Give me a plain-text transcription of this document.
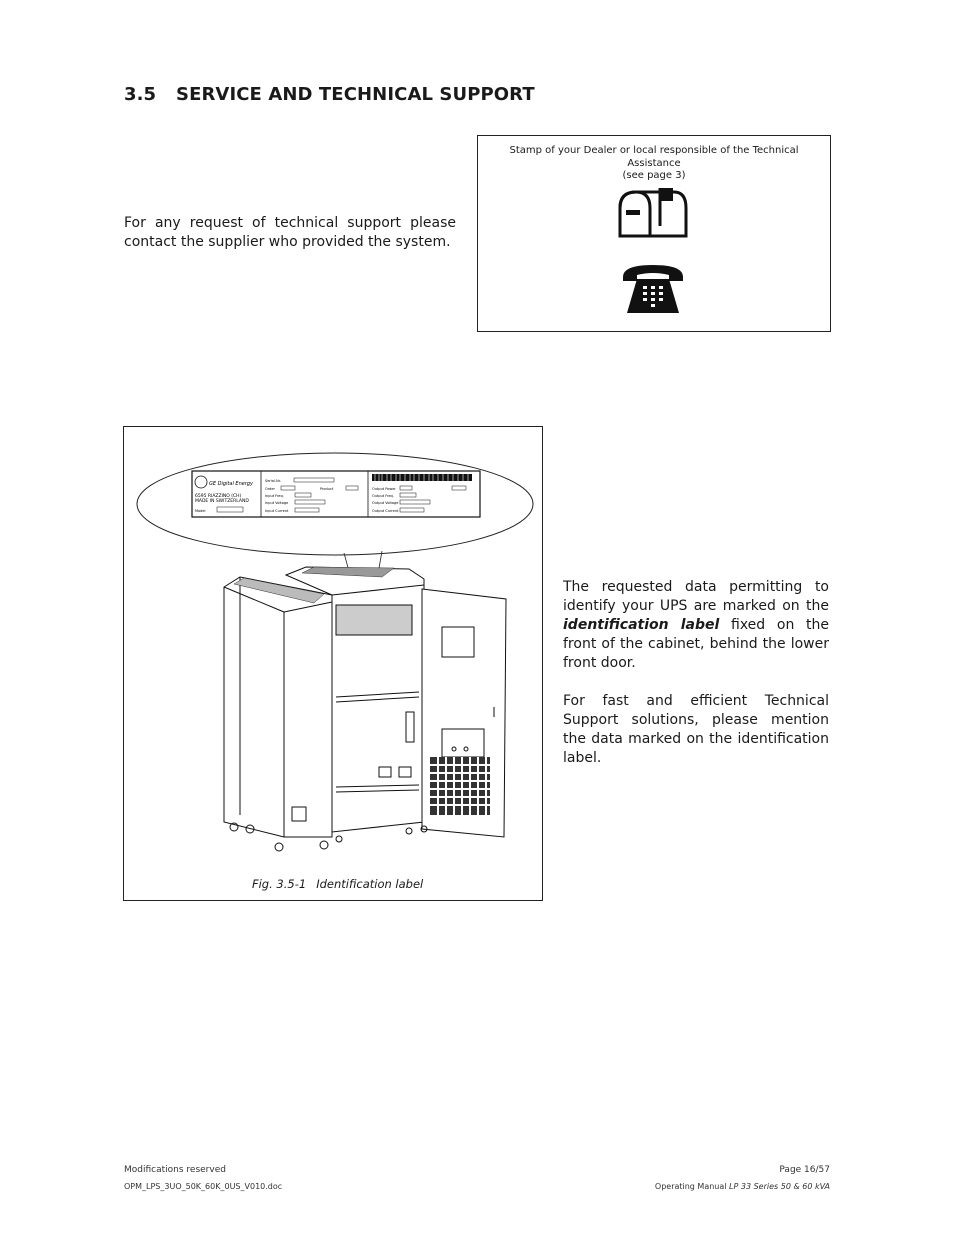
3.5 SERVICE AND TECHNICAL SUPPORT
For any request of technical support please contact the supplier who provided the system.
Stamp of your Dealer or local responsible of the Technical Assistance
(see page 3)
GE Digital Energy
6595 RIAZZINO (CH)
MADE IN SWITZERLAND
Model
Serial-Nr.
Order	Product
Input Freq.
Input Voltage
Input Current
Output Power
Output Freq.
Output Voltage
Output Current
Fig. 3.5-1 Identification label

The requested data permitting to identify your UPS are marked on the identification label fixed on the front of the cabinet, behind the lower front door.

For fast and efficient Technical Support solutions, please mention the data marked on the identification label.

Modifications reserved
OPM_LPS_3UO_50K_60K_0US_V010.doc
Page 16/57
Operating Manual LP 33 Series 50 & 60 kVA
